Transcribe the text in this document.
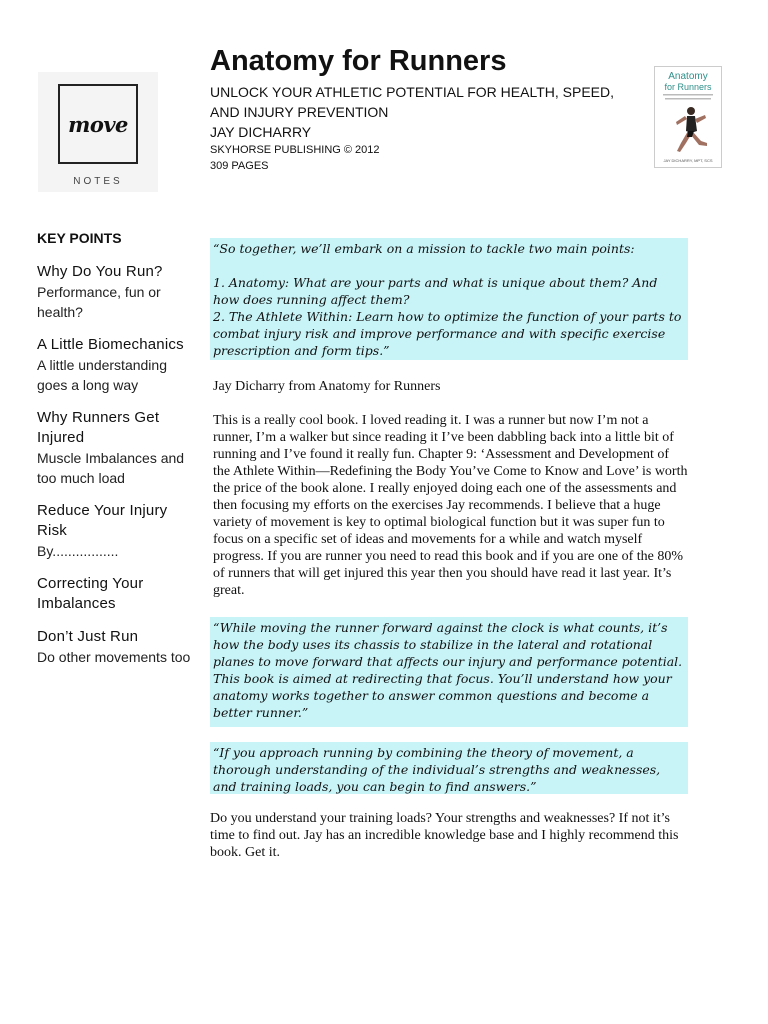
move
NOTES
Anatomy for Runners
UNLOCK YOUR ATHLETIC POTENTIAL FOR HEALTH, SPEED,
AND INJURY PREVENTION
JAY DICHARRY
SKYHORSE PUBLISHING © 2012
309 PAGES
Anatomy
for Runners
JAY DICHARRY, MPT, SCS
KEY POINTS
Why Do You Run?
Performance, fun or health?
A Little Biomechanics
A little understanding goes a long way
Why Runners Get Injured
Muscle Imbalances and too much load
Reduce Your Injury Risk
By.................
Correcting Your Imbalances
Don’t Just Run
Do other movements too

“So together, we’ll embark on a mission to tackle two main points:

1. Anatomy: What are your parts and what is unique about them? And how does running affect them?

2. The Athlete Within: Learn how to optimize the function of your parts to combat injury risk and improve performance and with specific exercise prescription and form tips.”

Jay Dicharry from Anatomy for Runners
This is a really cool book. I loved reading it. I was a runner but now I’m not a runner, I’m a walker but since reading it I’ve been dabbling back into a little bit of running and I’ve found it really fun. Chapter 9: ‘Assessment and Development of the Athlete Within—Redefining the Body You’ve Come to Know and Love’ is worth the price of the book alone. I really enjoyed doing each one of the assessments and then focusing my efforts on the exercises Jay recommends. I believe that a huge variety of movement is key to optimal biological function but it was super fun to focus on a specific set of ideas and movements for a while and watch myself progress. If you are runner you need to read this book and if you are one of the 80% of runners that will get injured this year then you should have read it last year. It’s great.
“While moving the runner forward against the clock is what counts, it’s how the body uses its chassis to stabilize in the lateral and rotational planes to move forward that affects our injury and performance potential. This book is aimed at redirecting that focus. You’ll understand how your anatomy works together to answer common questions and become a better runner.”
“If you approach running by combining the theory of movement, a thorough understanding of the individual’s strengths and weaknesses, and training loads, you can begin to find answers.”
Do you understand your training loads? Your strengths and weaknesses? If not it’s time to find out. Jay has an incredible knowledge base and I highly recommend this book. Get it.
